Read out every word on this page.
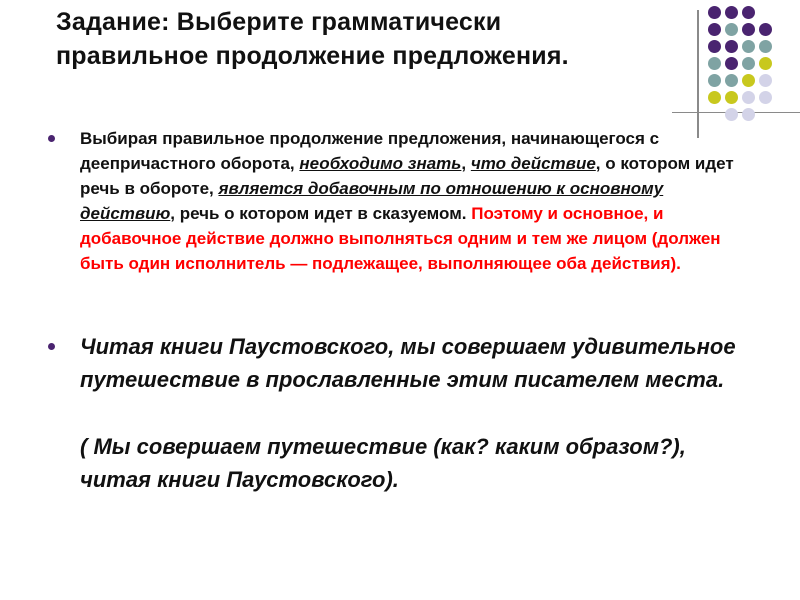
Задание: Выберите грамматически
правильное продолжение предложения.
Выбирая правильное продолжение предложения, начинающегося с деепричастного оборота, необходимо знать, что действие, о котором идет речь в обороте, является добавочным по отношению к основному действию, речь о котором идет в сказуемом. Поэтому и основное, и добавочное действие должно выполняться одним и тем же лицом (должен быть один исполнитель — подлежащее, выполняющее оба действия).
Читая книги Паустовского, мы совершаем удивительное путешествие в прославленные этим писателем места.
( Мы совершаем путешествие (как? каким образом?), читая книги Паустовского).
